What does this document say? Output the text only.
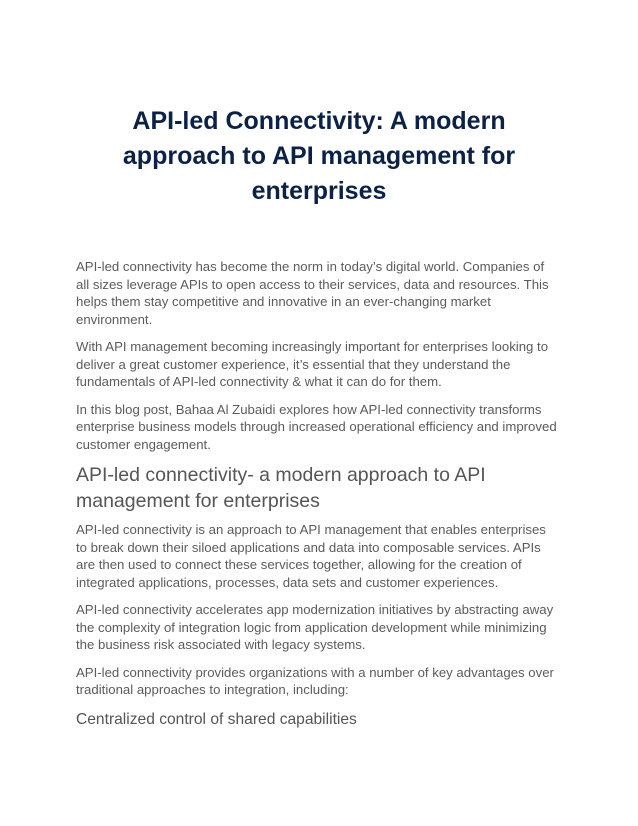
API-led Connectivity: A modern approach to API management for enterprises

API-led connectivity has become the norm in today’s digital world. Companies of all sizes leverage APIs to open access to their services, data and resources. This helps them stay competitive and innovative in an ever-changing market environment.

With API management becoming increasingly important for enterprises looking to deliver a great customer experience, it’s essential that they understand the fundamentals of API-led connectivity & what it can do for them.

In this blog post, Bahaa Al Zubaidi explores how API-led connectivity transforms enterprise business models through increased operational efficiency and improved customer engagement.

API-led connectivity- a modern approach to API management for enterprises

API-led connectivity is an approach to API management that enables enterprises to break down their siloed applications and data into composable services. APIs are then used to connect these services together, allowing for the creation of integrated applications, processes, data sets and customer experiences.

API-led connectivity accelerates app modernization initiatives by abstracting away the complexity of integration logic from application development while minimizing the business risk associated with legacy systems.

API-led connectivity provides organizations with a number of key advantages over traditional approaches to integration, including:

Centralized control of shared capabilities
